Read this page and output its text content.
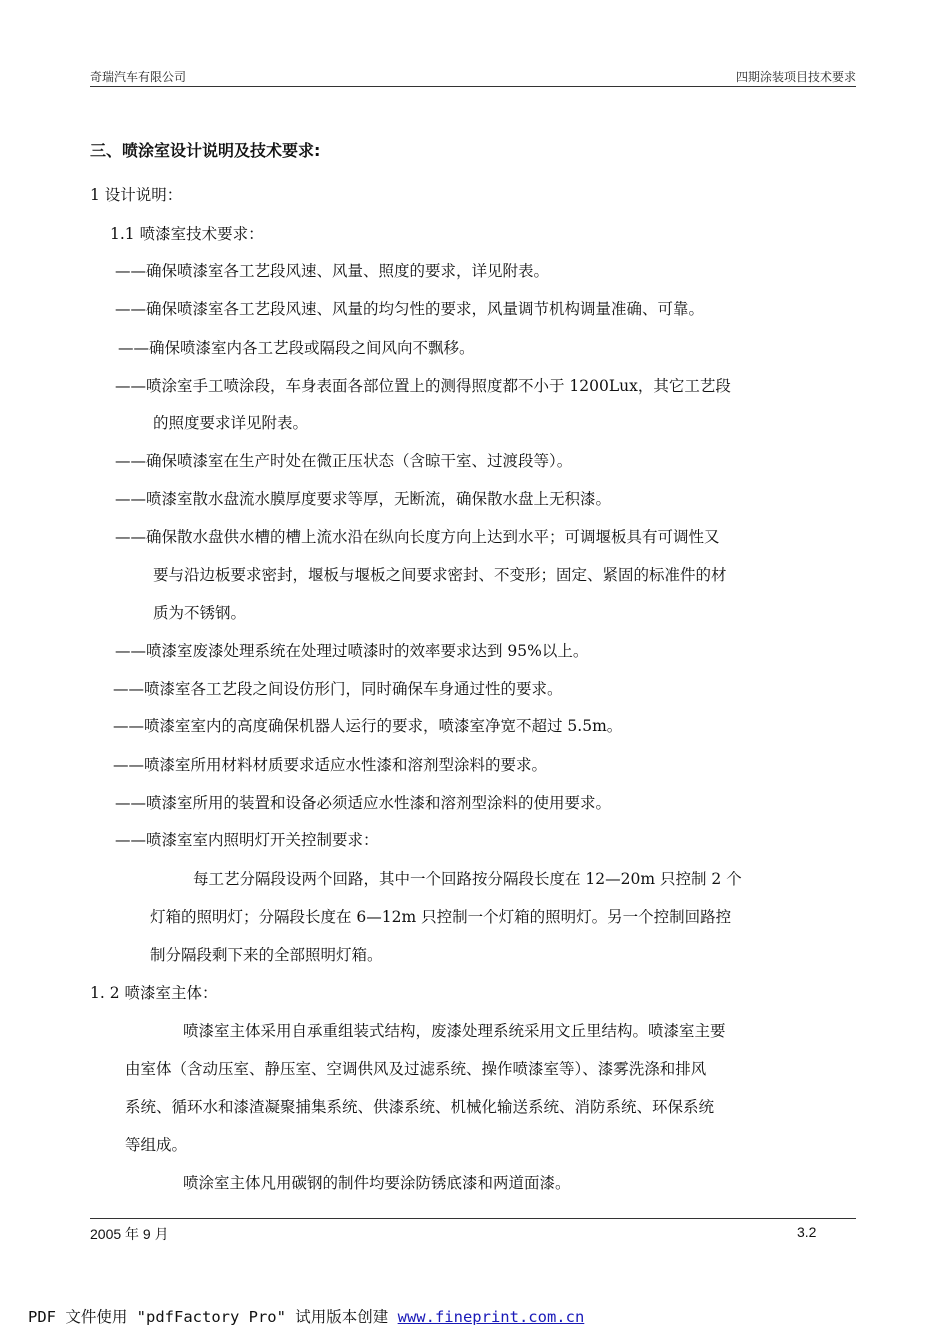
奇瑞汽车有限公司	四期涂装项目技术要求
三、喷涂室设计说明及技术要求:
1 设计说明：
1.1 喷漆室技术要求：
——确保喷漆室各工艺段风速、风量、照度的要求，详见附表。
——确保喷漆室各工艺段风速、风量的均匀性的要求，风量调节机构调量准确、可靠。
——确保喷漆室内各工艺段或隔段之间风向不飘移。
——喷涂室手工喷涂段，车身表面各部位置上的测得照度都不小于 1200Lux，其它工艺段
的照度要求详见附表。
——确保喷漆室在生产时处在微正压状态（含晾干室、过渡段等）。
——喷漆室散水盘流水膜厚度要求等厚，无断流，确保散水盘上无积漆。
——确保散水盘供水槽的槽上流水沿在纵向长度方向上达到水平；可调堰板具有可调性又
要与沿边板要求密封，堰板与堰板之间要求密封、不变形；固定、紧固的标准件的材
质为不锈钢。
——喷漆室废漆处理系统在处理过喷漆时的效率要求达到 95%以上。
——喷漆室各工艺段之间设仿形门，同时确保车身通过性的要求。
——喷漆室室内的高度确保机器人运行的要求，喷漆室净宽不超过 5.5m。
——喷漆室所用材料材质要求适应水性漆和溶剂型涂料的要求。
——喷漆室所用的装置和设备必须适应水性漆和溶剂型涂料的使用要求。
——喷漆室室内照明灯开关控制要求：
每工艺分隔段设两个回路，其中一个回路按分隔段长度在 12—20m 只控制 2 个
灯箱的照明灯；分隔段长度在 6—12m 只控制一个灯箱的照明灯。另一个控制回路控
制分隔段剩下来的全部照明灯箱。
1. 2 喷漆室主体：
喷漆室主体采用自承重组装式结构，废漆处理系统采用文丘里结构。喷漆室主要
由室体（含动压室、静压室、空调供风及过滤系统、操作喷漆室等）、漆雾洗涤和排风
系统、循环水和漆渣凝聚捕集系统、供漆系统、机械化输送系统、消防系统、环保系统
等组成。
喷涂室主体凡用碳钢的制件均要涂防锈底漆和两道面漆。
2005 年 9 月	3.2
PDF 文件使用 "pdfFactory Pro" 试用版本创建 www.fineprint.com.cn
